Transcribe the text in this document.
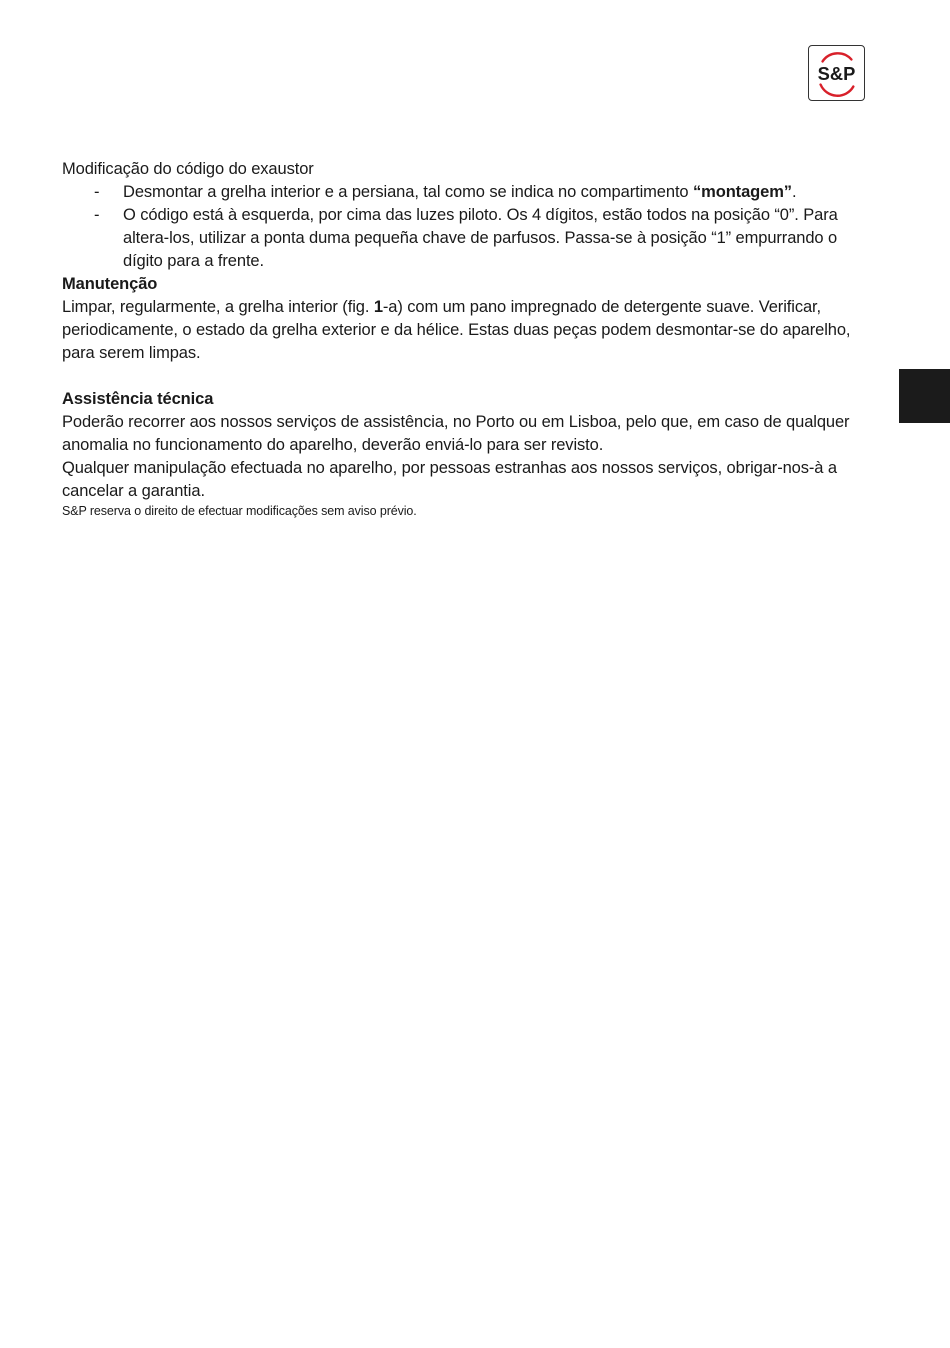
S&P

Modificação do código do exaustor

- Desmontar a grelha interior e a persiana, tal como se indica no compartimento “montagem”.
- O código está à esquerda, por cima das luzes piloto. Os 4 dígitos, estão todos na posição “0”. Para altera-los, utilizar a ponta duma pequeña chave de parfusos. Passa-se à posição “1” empurrando o dígito para a frente.

Manutenção

Limpar, regularmente, a grelha interior (fig. 1-a) com um pano impregnado de detergente suave. Verificar, periodicamente, o estado da grelha exterior e da hélice. Estas duas peças podem desmontar-se do aparelho, para serem limpas.

Assistência técnica

Poderão recorrer aos nossos serviços de assistência, no Porto ou em Lisboa, pelo que, em caso de qualquer anomalia no funcionamento do aparelho, deverão enviá-lo para ser revisto.

Qualquer manipulação efectuada no aparelho, por pessoas estranhas aos nossos serviços, obrigar-nos-à a cancelar a garantia.

S&P reserva o direito de efectuar modificações sem aviso prévio.
